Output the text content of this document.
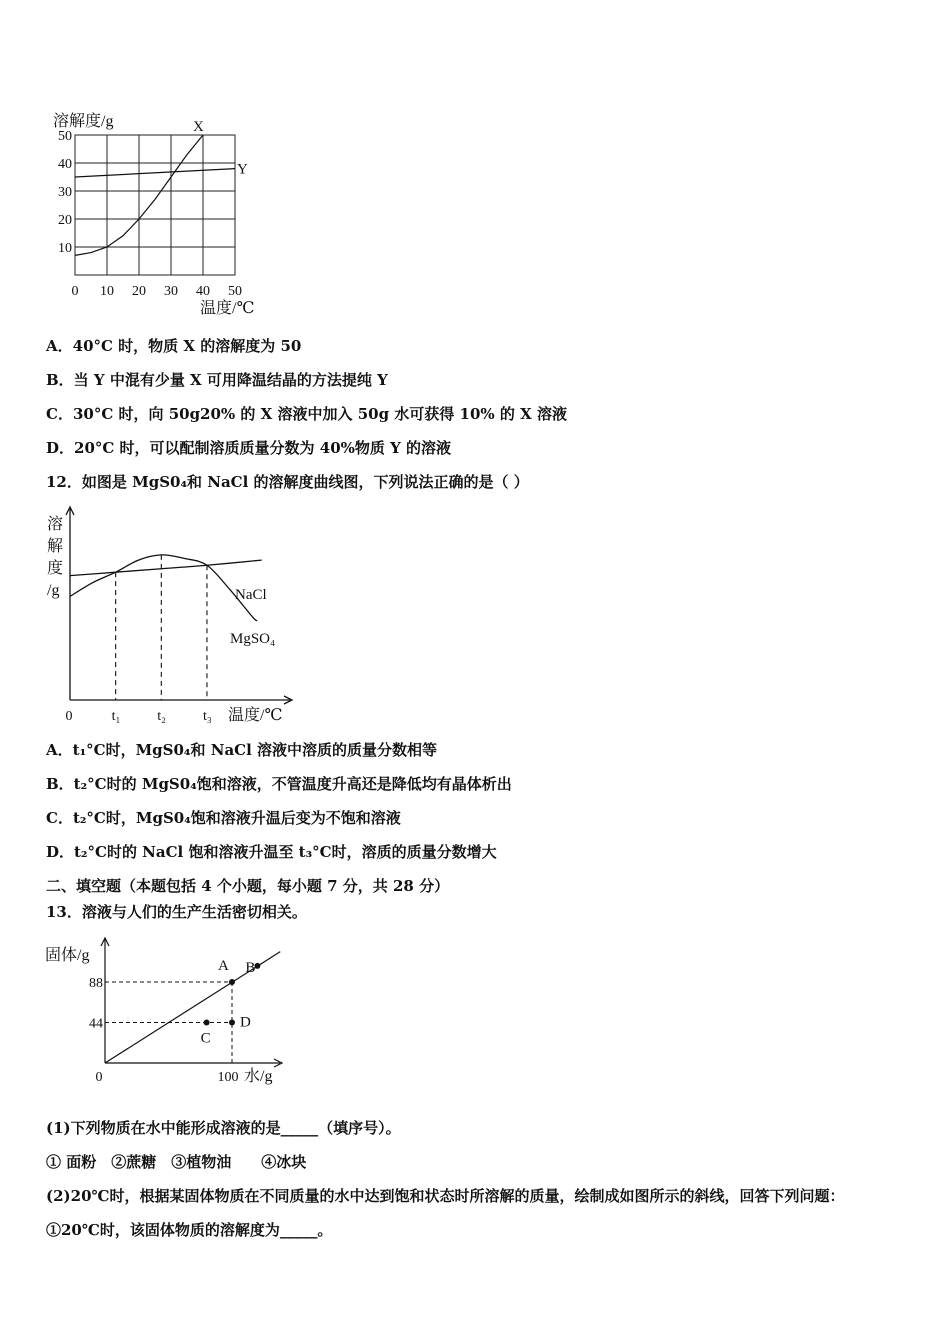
溶解度/g
10
20
30
40
50
0 10 20 30 40 50
温度/℃
X
Y
A．40°C 时，物质 X 的溶解度为 50
B．当 Y 中混有少量 X 可用降温结晶的方法提纯 Y
C．30°C 时，向 50g20% 的 X 溶液中加入 50g 水可获得 10% 的 X 溶液
D．20°C 时，可以配制溶质质量分数为 40%物质 Y 的溶液
12．如图是 MgS0₄和 NaCl 的溶解度曲线图，下列说法正确的是（ ）
溶
解
度
/g
0	t₁	t₂	t₃ 温度/℃
NaCl
MgSO₄
A．t₁°C时，MgS0₄和 NaCl 溶液中溶质的质量分数相等
B．t₂°C时的 MgS0₄饱和溶液，不管温度升高还是降低均有晶体析出
C．t₂°C时，MgS0₄饱和溶液升温后变为不饱和溶液
D．t₂°C时的 NaCl 饱和溶液升温至 t₃°C时，溶质的质量分数增大
二、填空题（本题包括 4 个小题，每小题 7 分，共 28 分）
13．溶液与人们的生产生活密切相关。
A B
C
D
固体/g
44
88
0	100 水/g
(1)下列物质在水中能形成溶液的是_____（填序号）。
① 面粉　②蔗糖　③植物油　　④冰块
(2)20℃时，根据某固体物质在不同质量的水中达到饱和状态时所溶解的质量，绘制成如图所示的斜线，回答下列问题：
①20℃时，该固体物质的溶解度为_____。
